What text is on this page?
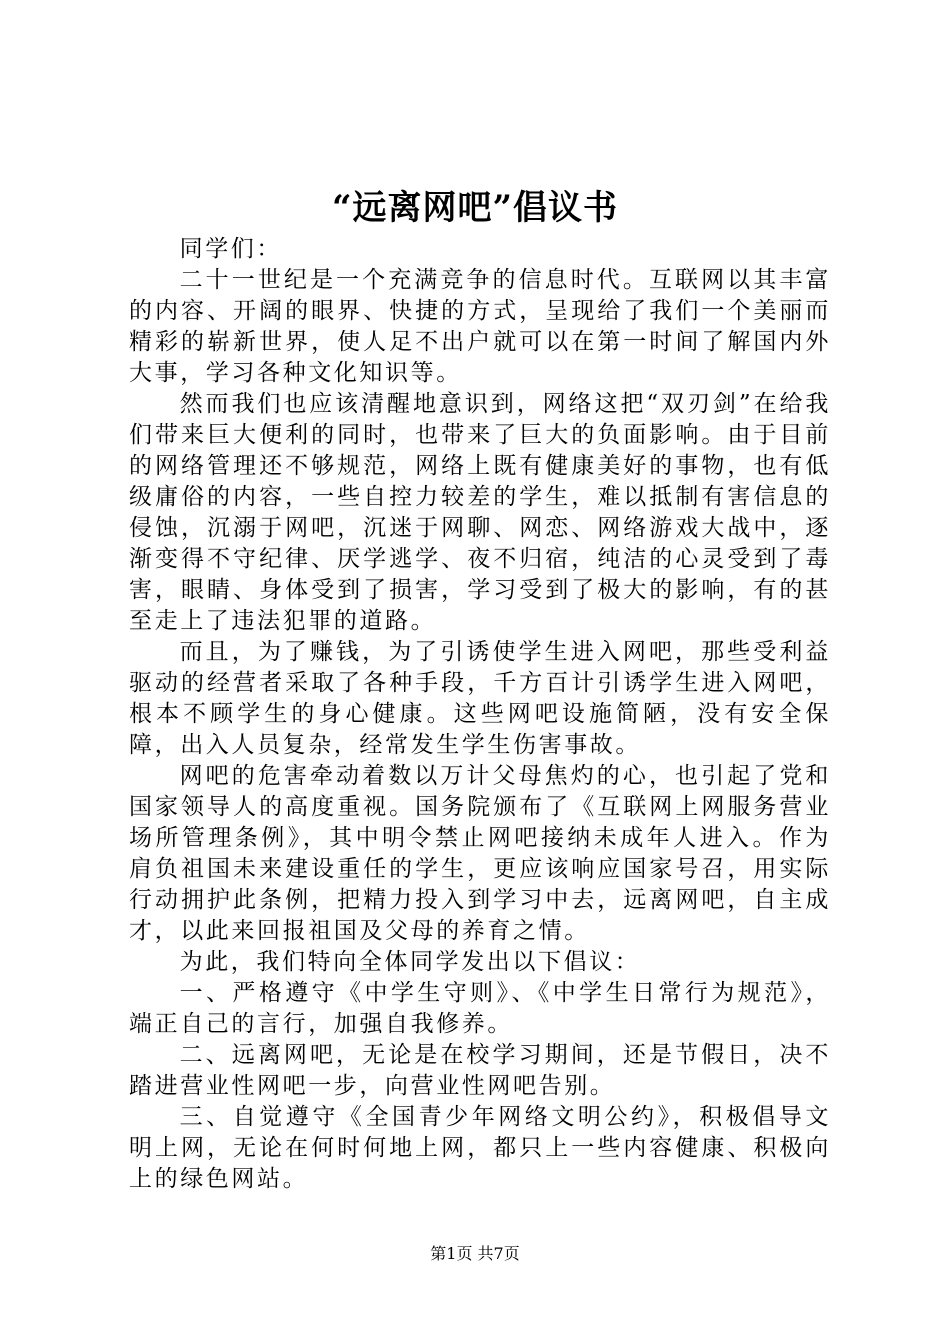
“远离网吧”倡议书

同学们：

二十一世纪是一个充满竞争的信息时代。互联网以其丰富的内容、开阔的眼界、快捷的方式，呈现给了我们一个美丽而精彩的崭新世界，使人足不出户就可以在第一时间了解国内外大事，学习各种文化知识等。

然而我们也应该清醒地意识到，网络这把“双刃剑”在给我们带来巨大便利的同时，也带来了巨大的负面影响。由于目前的网络管理还不够规范，网络上既有健康美好的事物，也有低级庸俗的内容，一些自控力较差的学生，难以抵制有害信息的侵蚀，沉溺于网吧，沉迷于网聊、网恋、网络游戏大战中，逐渐变得不守纪律、厌学逃学、夜不归宿，纯洁的心灵受到了毒害，眼睛、身体受到了损害，学习受到了极大的影响，有的甚至走上了违法犯罪的道路。

而且，为了赚钱，为了引诱使学生进入网吧，那些受利益驱动的经营者采取了各种手段，千方百计引诱学生进入网吧，根本不顾学生的身心健康。这些网吧设施简陋，没有安全保障，出入人员复杂，经常发生学生伤害事故。

网吧的危害牵动着数以万计父母焦灼的心，也引起了党和国家领导人的高度重视。国务院颁布了《互联网上网服务营业场所管理条例》，其中明令禁止网吧接纳未成年人进入。作为肩负祖国未来建设重任的学生，更应该响应国家号召，用实际行动拥护此条例，把精力投入到学习中去，远离网吧，自主成才，以此来回报祖国及父母的养育之情。

为此，我们特向全体同学发出以下倡议：

一、严格遵守《中学生守则》、《中学生日常行为规范》，端正自己的言行，加强自我修养。

二、远离网吧，无论是在校学习期间，还是节假日，决不踏进营业性网吧一步，向营业性网吧告别。

三、自觉遵守《全国青少年网络文明公约》，积极倡导文明上网，无论在何时何地上网，都只上一些内容健康、积极向上的绿色网站。

第1页 共7页
